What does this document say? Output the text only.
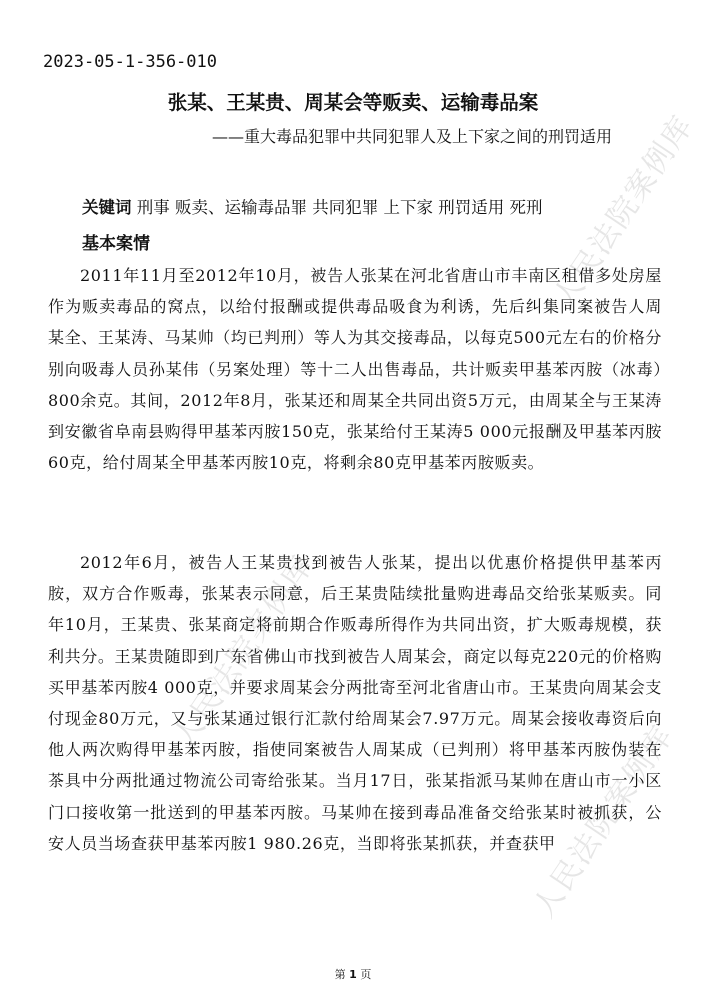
人民法院案例库
人民法院案例库
人民法院案例库
2023-05-1-356-010
张某、王某贵、周某会等贩卖、运输毒品案
——重大毒品犯罪中共同犯罪人及上下家之间的刑罚适用
关键词 刑事 贩卖、运输毒品罪 共同犯罪 上下家 刑罚适用 死刑
基本案情

2011年11月至2012年10月，被告人张某在河北省唐山市丰南区租借多处房屋作为贩卖毒品的窝点，以给付报酬或提供毒品吸食为利诱，先后纠集同案被告人周某全、王某涛、马某帅（均已判刑）等人为其交接毒品，以每克500元左右的价格分别向吸毒人员孙某伟（另案处理）等十二人出售毒品，共计贩卖甲基苯丙胺（冰毒）800余克。其间，2012年8月，张某还和周某全共同出资5万元，由周某全与王某涛到安徽省阜南县购得甲基苯丙胺150克，张某给付王某涛5 000元报酬及甲基苯丙胺60克，给付周某全甲基苯丙胺10克，将剩余80克甲基苯丙胺贩卖。

2012年6月，被告人王某贵找到被告人张某，提出以优惠价格提供甲基苯丙胺，双方合作贩毒，张某表示同意，后王某贵陆续批量购进毒品交给张某贩卖。同年10月，王某贵、张某商定将前期合作贩毒所得作为共同出资，扩大贩毒规模，获利共分。王某贵随即到广东省佛山市找到被告人周某会，商定以每克220元的价格购买甲基苯丙胺4 000克，并要求周某会分两批寄至河北省唐山市。王某贵向周某会支付现金80万元，又与张某通过银行汇款付给周某会7.97万元。周某会接收毒资后向他人两次购得甲基苯丙胺，指使同案被告人周某成（已判刑）将甲基苯丙胺伪装在茶具中分两批通过物流公司寄给张某。当月17日，张某指派马某帅在唐山市一小区门口接收第一批送到的甲基苯丙胺。马某帅在接到毒品准备交给张某时被抓获，公安人员当场查获甲基苯丙胺1 980.26克，当即将张某抓获，并查获甲

第 1 页
